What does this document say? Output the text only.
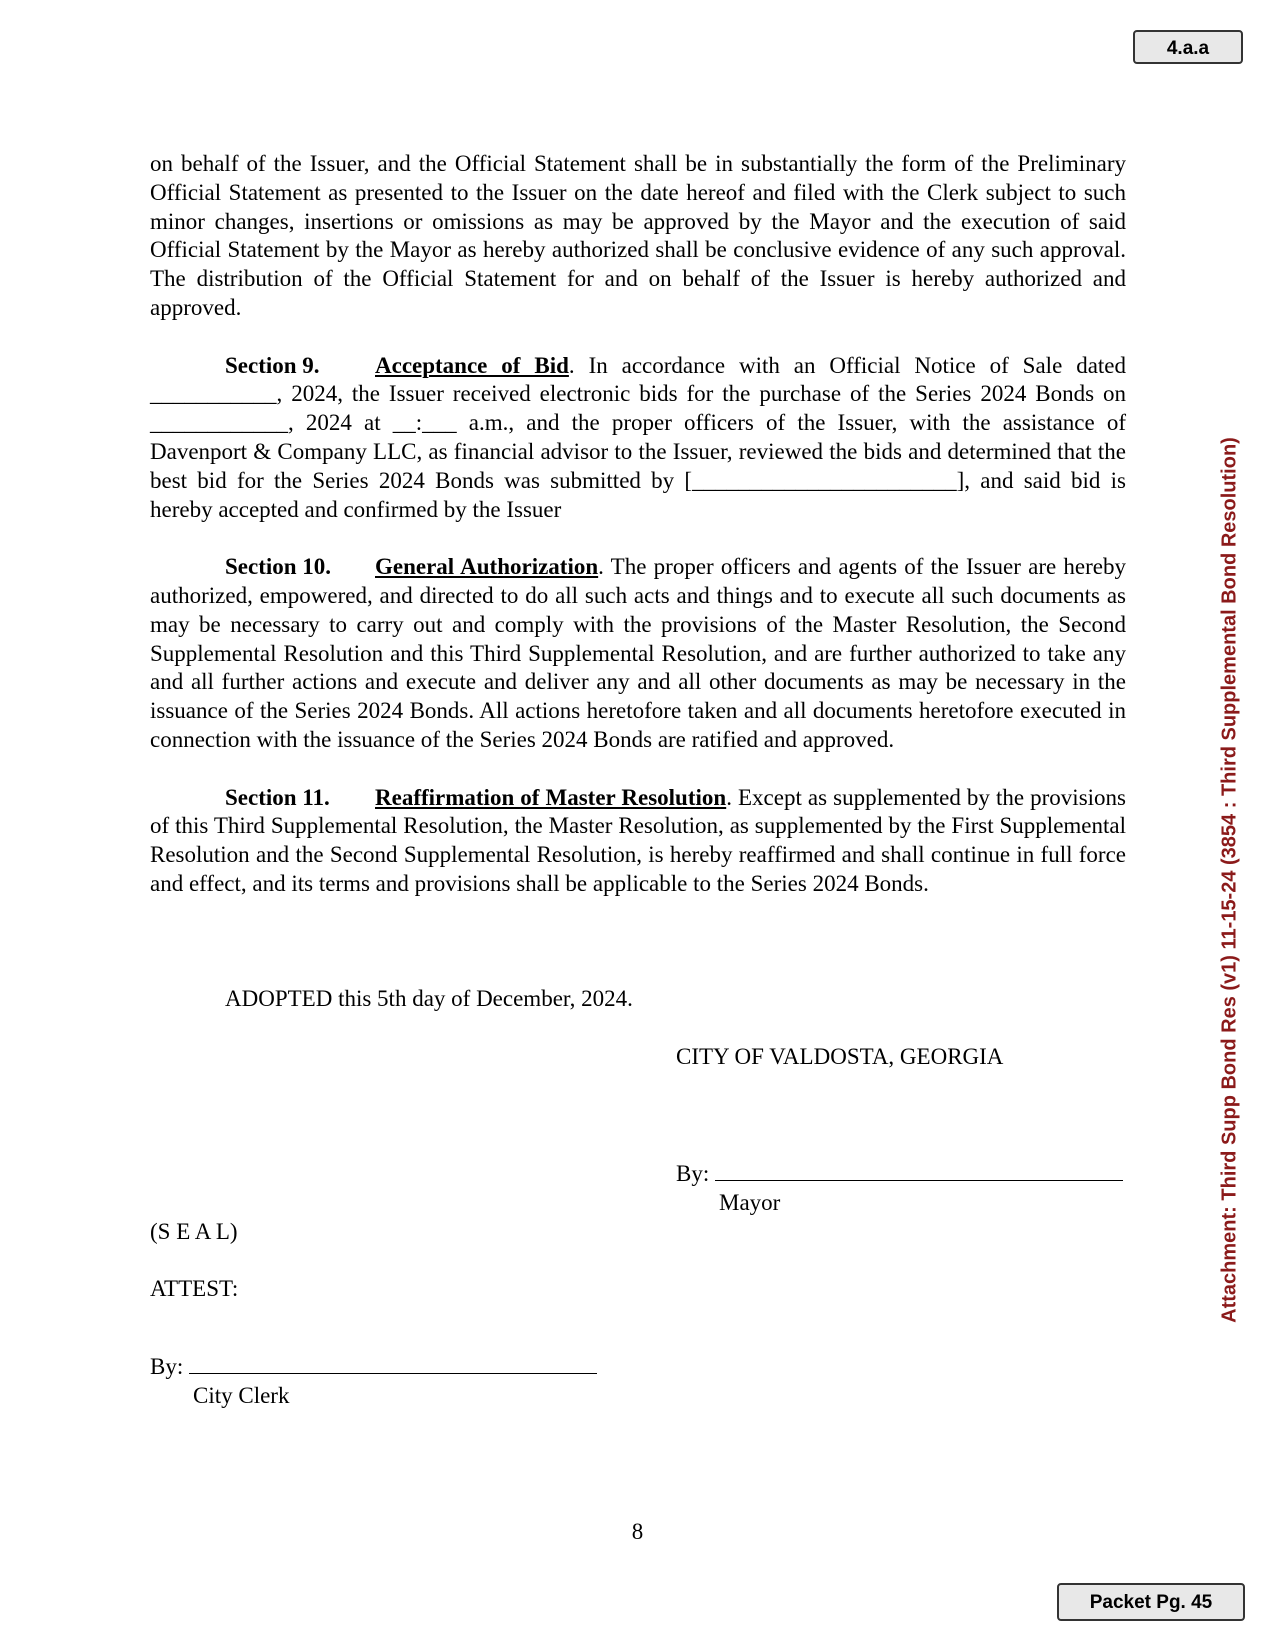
4.a.a
Attachment: Third Supp Bond Res (v1) 11-15-24 (3854 : Third Supplemental Bond Resolution)

on behalf of the Issuer, and the Official Statement shall be in substantially the form of the Preliminary Official Statement as presented to the Issuer on the date hereof and filed with the Clerk subject to such minor changes, insertions or omissions as may be approved by the Mayor and the execution of said Official Statement by the Mayor as hereby authorized shall be conclusive evidence of any such approval. The distribution of the Official Statement for and on behalf of the Issuer is hereby authorized and approved.

Section 9. Acceptance of Bid. In accordance with an Official Notice of Sale dated ___________, 2024, the Issuer received electronic bids for the purchase of the Series 2024 Bonds on ____________, 2024 at __:___ a.m., and the proper officers of the Issuer, with the assistance of Davenport & Company LLC, as financial advisor to the Issuer, reviewed the bids and determined that the best bid for the Series 2024 Bonds was submitted by [_______________________], and said bid is hereby accepted and confirmed by the Issuer

Section 10. General Authorization. The proper officers and agents of the Issuer are hereby authorized, empowered, and directed to do all such acts and things and to execute all such documents as may be necessary to carry out and comply with the provisions of the Master Resolution, the Second Supplemental Resolution and this Third Supplemental Resolution, and are further authorized to take any and all further actions and execute and deliver any and all other documents as may be necessary in the issuance of the Series 2024 Bonds. All actions heretofore taken and all documents heretofore executed in connection with the issuance of the Series 2024 Bonds are ratified and approved.

Section 11. Reaffirmation of Master Resolution. Except as supplemented by the provisions of this Third Supplemental Resolution, the Master Resolution, as supplemented by the First Supplemental Resolution and the Second Supplemental Resolution, is hereby reaffirmed and shall continue in full force and effect, and its terms and provisions shall be applicable to the Series 2024 Bonds.

ADOPTED this 5th day of December, 2024.
CITY OF VALDOSTA, GEORGIA
By:
Mayor
(S E A L)
ATTEST:
By:
City Clerk
8
Packet Pg. 45
